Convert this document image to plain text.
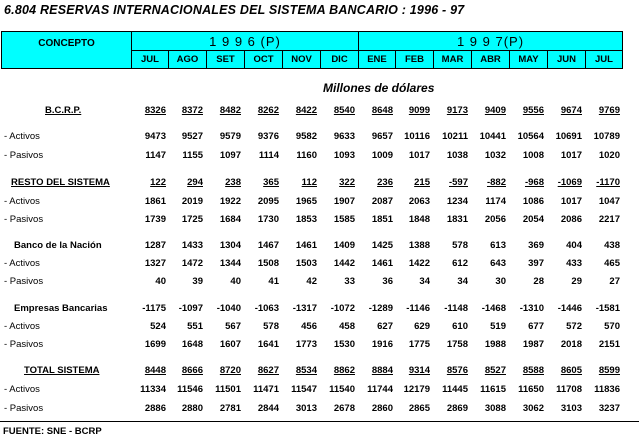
6.804 RESERVAS INTERNACIONALES DEL SISTEMA BANCARIO : 1996 - 97
CONCEPTO	1 9 9 6 (P)						1 9 9 7(P)						
	JUL	AGO	SET	OCT	NOV	DIC	ENE	FEB	MAR	ABR	MAY	JUN	JUL
Millones de dólares
B.C.R.P.	8326	8372	8482	8262	8422	8540	8648	9099	9173	9409	9556	9674	9769
- Activos	9473	9527	9579	9376	9582	9633	9657	10116	10211	10441	10564	10691	10789
- Pasivos	1147	1155	1097	1114	1160	1093	1009	1017	1038	1032	1008	1017	1020
RESTO DEL SISTEMA	122	294	238	365	112	322	236	215	-597	-882	-968	-1069	-1170
- Activos	1861	2019	1922	2095	1965	1907	2087	2063	1234	1174	1086	1017	1047
- Pasivos	1739	1725	1684	1730	1853	1585	1851	1848	1831	2056	2054	2086	2217
Banco de la Nación	1287	1433	1304	1467	1461	1409	1425	1388	578	613	369	404	438
- Activos	1327	1472	1344	1508	1503	1442	1461	1422	612	643	397	433	465
- Pasivos	40	39	40	41	42	33	36	34	34	30	28	29	27
Empresas Bancarias	-1175	-1097	-1040	-1063	-1317	-1072	-1289	-1146	-1148	-1468	-1310	-1446	-1581
- Activos	524	551	567	578	456	458	627	629	610	519	677	572	570
- Pasivos	1699	1648	1607	1641	1773	1530	1916	1775	1758	1988	1987	2018	2151
TOTAL SISTEMA	8448	8666	8720	8627	8534	8862	8884	9314	8576	8527	8588	8605	8599
- Activos	11334	11546	11501	11471	11547	11540	11744	12179	11445	11615	11650	11708	11836
- Pasivos	2886	2880	2781	2844	3013	2678	2860	2865	2869	3088	3062	3103	3237
FUENTE: SNE - BCRP
